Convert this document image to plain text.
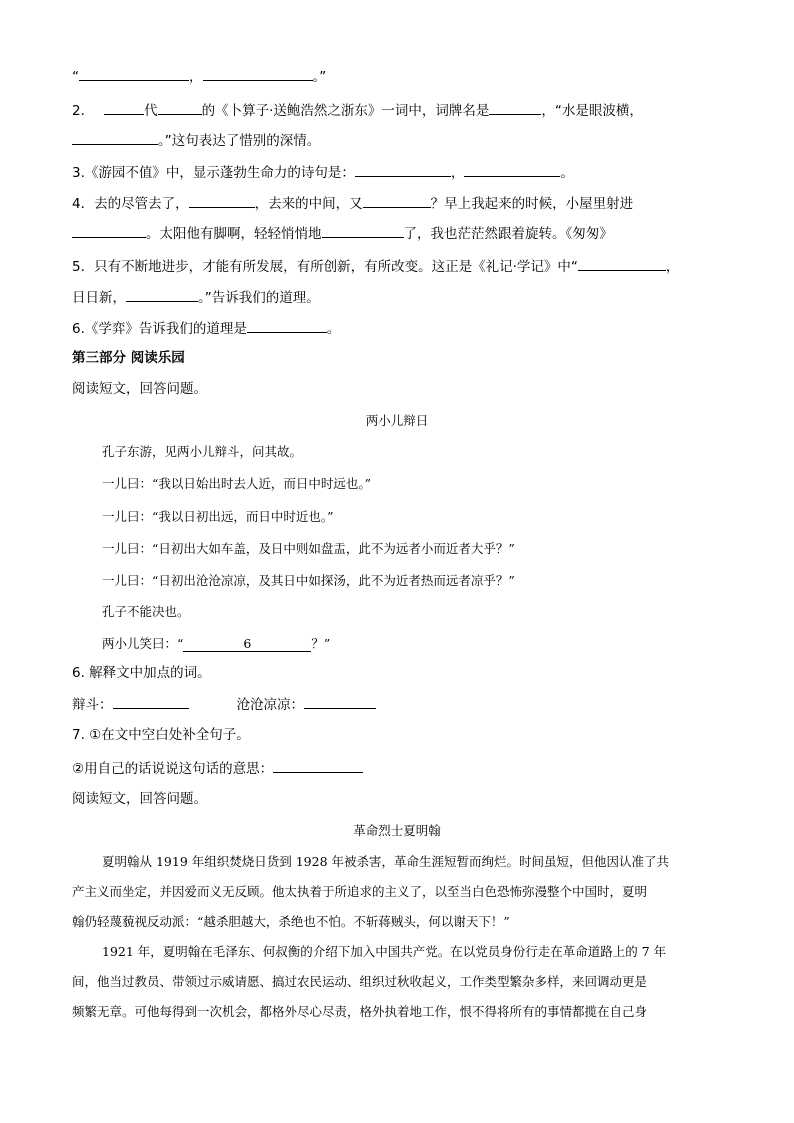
“	，	。”
2．	代	的《卜算子·送鲍浩然之浙东》一词中，词牌名是	，“水是眼波横，
。”这句表达了惜别的深情。
3.《游园不值》中，显示蓬勃生命力的诗句是：	，	。
4．去的尽管去了，	，去来的中间，又	？早上我起来的时候，小屋里射进
。太阳他有脚啊，轻轻悄悄地	了，我也茫茫然跟着旋转。《匆匆》
5．只有不断地进步，才能有所发展，有所创新，有所改变。这正是《礼记·学记》中“	，
日日新，	。”告诉我们的道理。
6.《学弈》告诉我们的道理是	。
第三部分 阅读乐园
阅读短文，回答问题。
两小儿辩日
孔子东游，见两小儿辩斗，问其故。
一儿曰：“我以日始出时去人近，而日中时远也。”
一儿曰：“我以日初出远，而日中时近也。”
一儿曰：“日初出大如车盖，及日中则如盘盂，此不为远者小而近者大乎？”
一儿曰：“日初出沧沧凉凉，及其日中如探汤，此不为近者热而远者凉乎？”
孔子不能决也。
两小儿笑曰：“	6	？”
6. 解释文中加点的词。
辩斗：	沧沧凉凉：
7. ①在文中空白处补全句子。
②用自己的话说说这句话的意思：
阅读短文，回答问题。
革命烈士夏明翰
夏明翰从 1919 年组织焚烧日货到 1928 年被杀害，革命生涯短暂而绚烂。时间虽短，但他因认准了共
产主义而坐定，并因爱而义无反顾。他太执着于所追求的主义了，以至当白色恐怖弥漫整个中国时，夏明
翰仍轻蔑藐视反动派：“越杀胆越大，杀绝也不怕。不斩蒋贼头，何以谢天下！”
1921 年，夏明翰在毛泽东、何叔衡的介绍下加入中国共产党。在以党员身份行走在革命道路上的 7 年
间，他当过教员、带领过示威请愿、搞过农民运动、组织过秋收起义，工作类型繁杂多样，来回调动更是
频繁无章。可他每得到一次机会，都格外尽心尽责，格外执着地工作，恨不得将所有的事情都揽在自己身
